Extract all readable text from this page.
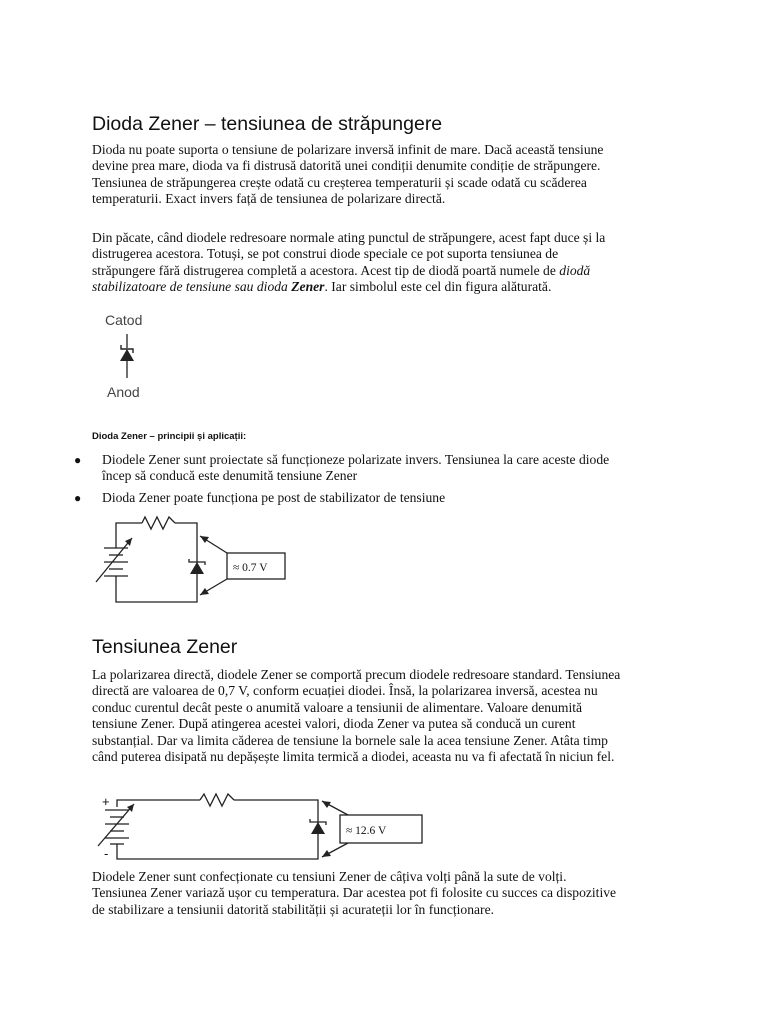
Dioda Zener – tensiunea de străpungere

Dioda nu poate suporta o tensiune de polarizare inversă infinit de mare. Dacă această tensiune
devine prea mare, dioda va fi distrusă datorită unei condiții denumite condiție de străpungere.
Tensiunea de străpungerea crește odată cu creșterea temperaturii și scade odată cu scăderea
temperaturii. Exact invers față de tensiunea de polarizare directă.

Din păcate, când diodele redresoare normale ating punctul de străpungere, acest fapt duce și la
distrugerea acestora. Totuși, se pot construi diode speciale ce pot suporta tensiunea de
străpungere fără distrugerea completă a acestora. Acest tip de diodă poartă numele de diodă
stabilizatoare de tensiune sau dioda Zener. Iar simbolul este cel din figura alăturată.

Catod
Anod

Dioda Zener – principii și aplicații:

● Diodele Zener sunt proiectate să funcționeze polarizate invers. Tensiunea la care aceste diode
încep să conducă este denumită tensiune Zener
● Dioda Zener poate funcționa pe post de stabilizator de tensiune
≈ 0.7 V
Tensiunea Zener

La polarizarea directă, diodele Zener se comportă precum diodele redresoare standard. Tensiunea
directă are valoarea de 0,7 V, conform ecuației diodei. Însă, la polarizarea inversă, acestea nu
conduc curentul decât peste o anumită valoare a tensiunii de alimentare. Valoare denumită
tensiune Zener. După atingerea acestei valori, dioda Zener va putea să conducă un curent
substanțial. Dar va limita căderea de tensiune la bornele sale la acea tensiune Zener. Atâta timp
când puterea disipată nu depășește limita termică a diodei, aceasta nu va fi afectată în niciun fel.

+
-
≈ 12.6 V

Diodele Zener sunt confecționate cu tensiuni Zener de câțiva volți până la sute de volți.
Tensiunea Zener variază ușor cu temperatura. Dar acestea pot fi folosite cu succes ca dispozitive
de stabilizare a tensiunii datorită stabilității și acurateții lor în funcționare.
